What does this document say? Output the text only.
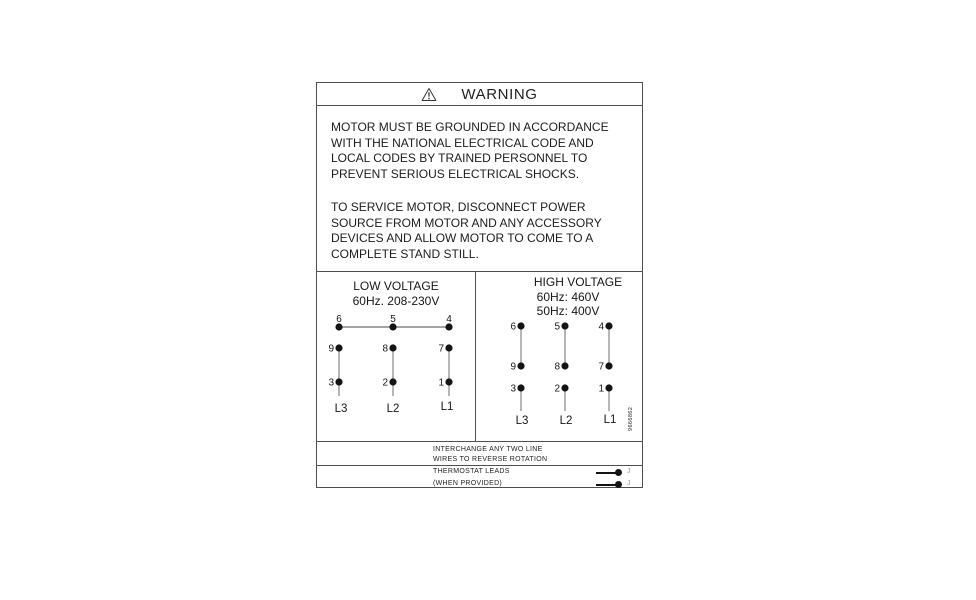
WARNING
MOTOR MUST BE GROUNDED IN ACCORDANCE
WITH THE NATIONAL ELECTRICAL CODE AND
LOCAL CODES BY TRAINED PERSONNEL TO
PREVENT SERIOUS ELECTRICAL SHOCKS.
TO SERVICE MOTOR, DISCONNECT POWER
SOURCE FROM MOTOR AND ANY ACCESSORY
DEVICES AND ALLOW MOTOR TO COME TO A
COMPLETE STAND STILL.
LOW VOLTAGE
60Hz. 208-230V
6	5	4
9	8	7
3	2	1
L3	L2	L1
HIGH VOLTAGE
60Hz: 460V
50Hz: 400V
6	5	4
9	8	7
3	2	1
L3	L2	L1 9666862
INTERCHANGE ANY TWO LINE
WIRES TO REVERSE ROTATION
THERMOSTAT LEADS
(WHEN PROVIDED)
J
J
